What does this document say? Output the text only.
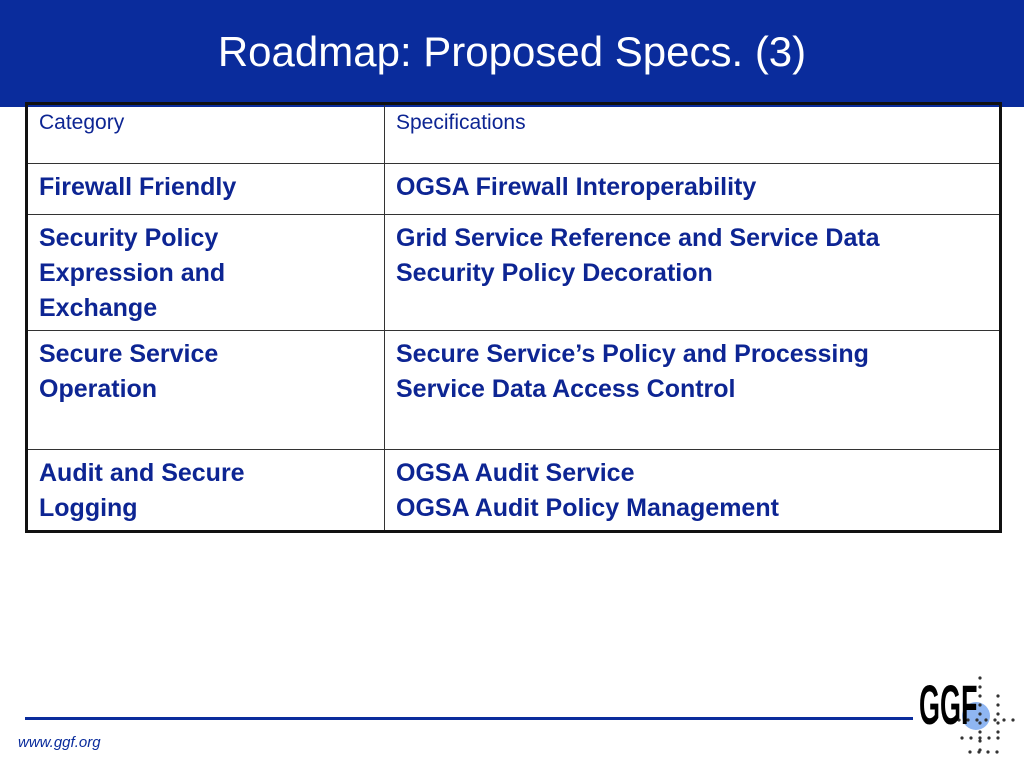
Roadmap: Proposed Specs. (3)
Category	Specifications

Firewall Friendly	OGSA Firewall Interoperability

Security Policy
Expression and
Exchange	Grid Service Reference and Service Data
Security Policy Decoration

Secure Service
Operation	Secure Service’s Policy and Processing
Service Data Access Control

Audit and Secure
Logging	OGSA Audit Service
OGSA Audit Policy Management
www.ggf.org
GGF
